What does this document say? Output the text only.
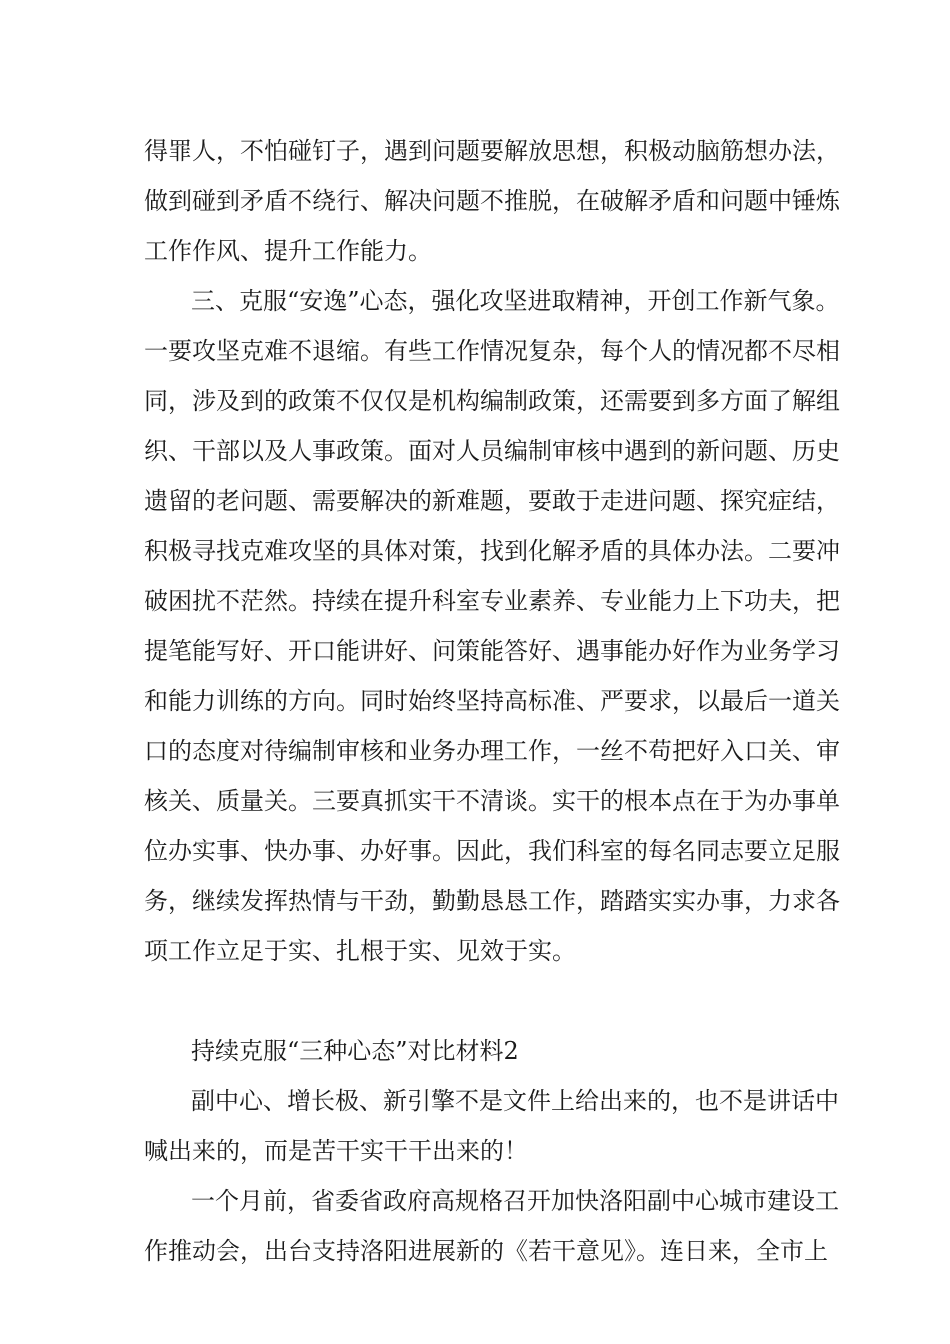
得罪人，不怕碰钉子，遇到问题要解放思想，积极动脑筋想办法，
做到碰到矛盾不绕行、解决问题不推脱，在破解矛盾和问题中锤炼
工作作风、提升工作能力。
三、克服“安逸”心态，强化攻坚进取精神，开创工作新气象。
一要攻坚克难不退缩。有些工作情况复杂，每个人的情况都不尽相
同，涉及到的政策不仅仅是机构编制政策，还需要到多方面了解组
织、干部以及人事政策。面对人员编制审核中遇到的新问题、历史
遗留的老问题、需要解决的新难题，要敢于走进问题、探究症结，
积极寻找克难攻坚的具体对策，找到化解矛盾的具体办法。二要冲
破困扰不茫然。持续在提升科室专业素养、专业能力上下功夫，把
提笔能写好、开口能讲好、问策能答好、遇事能办好作为业务学习
和能力训练的方向。同时始终坚持高标准、严要求，以最后一道关
口的态度对待编制审核和业务办理工作，一丝不苟把好入口关、审
核关、质量关。三要真抓实干不清谈。实干的根本点在于为办事单
位办实事、快办事、办好事。因此，我们科室的每名同志要立足服
务，继续发挥热情与干劲，勤勤恳恳工作，踏踏实实办事，力求各
项工作立足于实、扎根于实、见效于实。
持续克服“三种心态”对比材料2
副中心、增长极、新引擎不是文件上给出来的，也不是讲话中
喊出来的，而是苦干实干干出来的！
一个月前，省委省政府高规格召开加快洛阳副中心城市建设工
作推动会，出台支持洛阳进展新的《若干意见》。连日来，全市上
